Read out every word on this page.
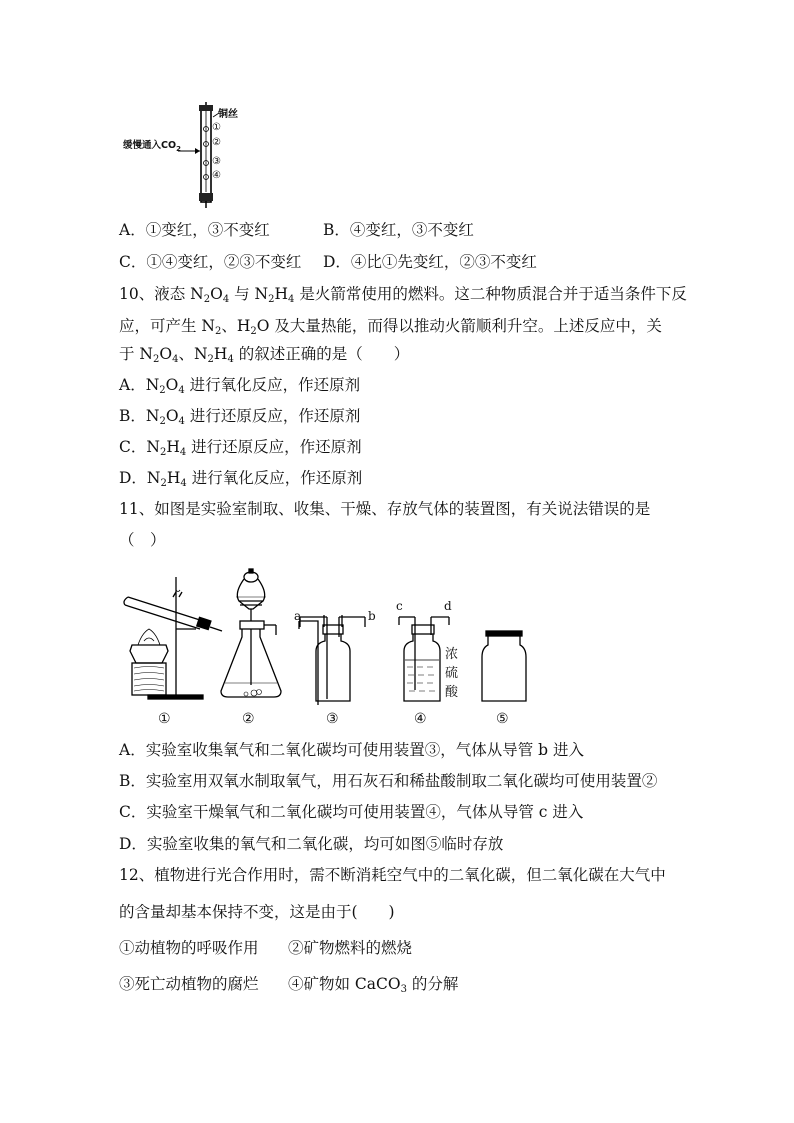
铜丝
缓慢通入$CO_2$
①
②
③
④
A．①变红，③不变红	B．④变红，③不变红
C．①④变红，②③不变红 D．④比①先变红，②③不变红
10、液态 $N_2O_4$ 与 $N_2H_4$ 是火箭常使用的燃料。这二种物质混合并于适当条件下反
应，可产生 $N_2$、$H_2O$ 及大量热能，而得以推动火箭顺利升空。上述反应中，关
于 $N_2O_4$、$N_2H_4$ 的叙述正确的是（　　）
A．$N_2O_4$ 进行氧化反应，作还原剂
B．$N_2O_4$ 进行还原反应，作还原剂
C．$N_2H_4$ 进行还原反应，作还原剂
D．$N_2H_4$ 进行氧化反应，作还原剂
11、如图是实验室制取、收集、干燥、存放气体的装置图，有关说法错误的是
（　）
a	b
c	d
浓
硫
酸
①	②	③	④	⑤
A．实验室收集氧气和二氧化碳均可使用装置③，气体从导管 b 进入
B．实验室用双氧水制取氧气，用石灰石和稀盐酸制取二氧化碳均可使用装置②
C．实验室干燥氧气和二氧化碳均可使用装置④，气体从导管 c 进入
D．实验室收集的氧气和二氧化碳，均可如图⑤临时存放
12、植物进行光合作用时，需不断消耗空气中的二氧化碳，但二氧化碳在大气中
的含量却基本保持不变，这是由于(　　)
①动植物的呼吸作用 ②矿物燃料的燃烧
③死亡动植物的腐烂 ④矿物如 CaCO$_3$ 的分解
